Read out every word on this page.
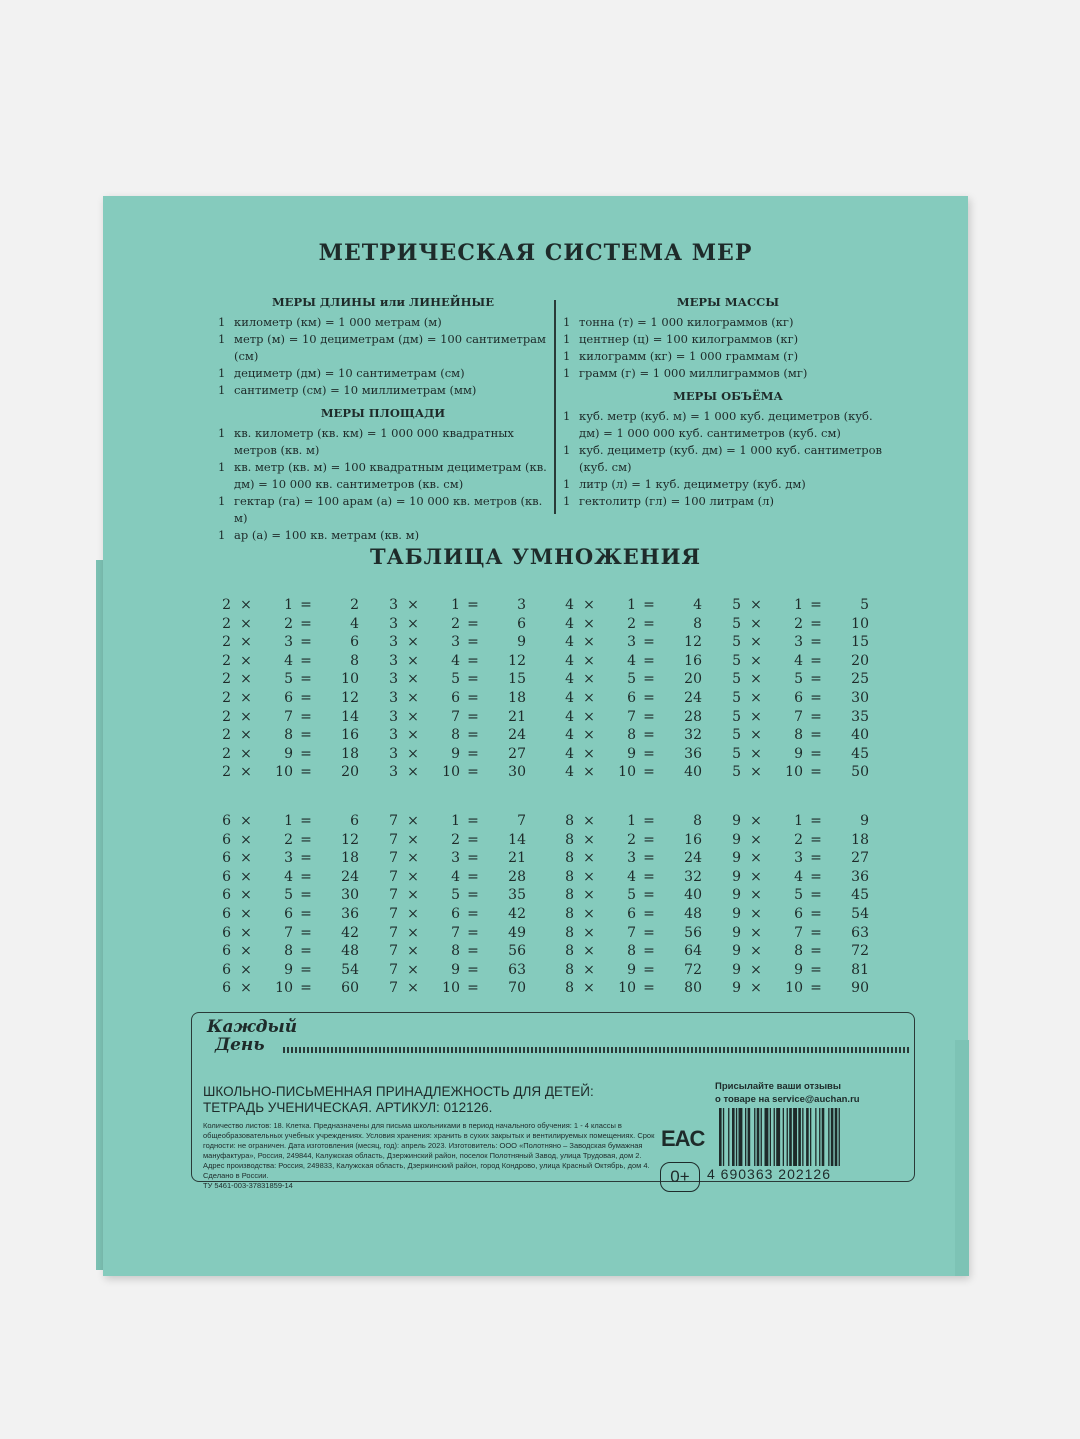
МЕТРИЧЕСКАЯ СИСТЕМА МЕР
МЕРЫ ДЛИНЫ или ЛИНЕЙНЫЕ
1 километр (км) = 1 000 метрам (м)
1 метр (м) = 10 дециметрам (дм) = 100 сантиметрам (см)
1 дециметр (дм) = 10 сантиметрам (см)
1 сантиметр (см) = 10 миллиметрам (мм)
МЕРЫ ПЛОЩАДИ
1 кв. километр (кв. км) = 1 000 000 квадратных метров (кв. м)
1 кв. метр (кв. м) = 100 квадратным дециметрам (кв. дм) = 10 000 кв. сантиметров (кв. см)
1 гектар (га) = 100 арам (а) = 10 000 кв. метров (кв. м)
1 ар (а) = 100 кв. метрам (кв. м)
МЕРЫ МАССЫ
1 тонна (т) = 1 000 килограммов (кг)
1 центнер (ц) = 100 килограммов (кг)
1 килограмм (кг) = 1 000 граммам (г)
1 грамм (г) = 1 000 миллиграммов (мг)
МЕРЫ ОБЪЁМА
1 куб. метр (куб. м) = 1 000 куб. дециметров (куб. дм) = 1 000 000 куб. сантиметров (куб. см)
1 куб. дециметр (куб. дм) = 1 000 куб. сантиметров (куб. см)
1 литр (л) = 1 куб. дециметру (куб. дм)
1 гектолитр (гл) = 100 литрам (л)
ТАБЛИЦА УМНОЖЕНИЯ
2 ×	1 =	2
2 ×	2 =	4
2 ×	3 =	6
2 ×	4 =	8
2 ×	5 =	10
2 ×	6 =	12
2 ×	7 =	14
2 ×	8 =	16
2 ×	9 =	18
2 ×	10 =	20
3 ×	1 =	3
3 ×	2 =	6
3 ×	3 =	9
3 ×	4 =	12
3 ×	5 =	15
3 ×	6 =	18
3 ×	7 =	21
3 ×	8 =	24
3 ×	9 =	27
3 ×	10 =	30
4 ×	1 =	4
4 ×	2 =	8
4 ×	3 =	12
4 ×	4 =	16
4 ×	5 =	20
4 ×	6 =	24
4 ×	7 =	28
4 ×	8 =	32
4 ×	9 =	36
4 ×	10 =	40
5 ×	1 =	5
5 ×	2 =	10
5 ×	3 =	15
5 ×	4 =	20
5 ×	5 =	25
5 ×	6 =	30
5 ×	7 =	35
5 ×	8 =	40
5 ×	9 =	45
5 ×	10 =	50
6 ×	1 =	6
6 ×	2 =	12
6 ×	3 =	18
6 ×	4 =	24
6 ×	5 =	30
6 ×	6 =	36
6 ×	7 =	42
6 ×	8 =	48
6 ×	9 =	54
6 ×	10 =	60
7 ×	1 =	7
7 ×	2 =	14
7 ×	3 =	21
7 ×	4 =	28
7 ×	5 =	35
7 ×	6 =	42
7 ×	7 =	49
7 ×	8 =	56
7 ×	9 =	63
7 ×	10 =	70
8 ×	1 =	8
8 ×	2 =	16
8 ×	3 =	24
8 ×	4 =	32
8 ×	5 =	40
8 ×	6 =	48
8 ×	7 =	56
8 ×	8 =	64
8 ×	9 =	72
8 ×	10 =	80
9 ×	1 =	9
9 ×	2 =	18
9 ×	3 =	27
9 ×	4 =	36
9 ×	5 =	45
9 ×	6 =	54
9 ×	7 =	63
9 ×	8 =	72
9 ×	9 =	81
9 ×	10 =	90
Каждый
День
ШКОЛЬНО-ПИСЬМЕННАЯ ПРИНАДЛЕЖНОСТЬ ДЛЯ ДЕТЕЙ:
ТЕТРАДЬ УЧЕНИЧЕСКАЯ. АРТИКУЛ: 012126.
Количество листов: 18. Клетка. Предназначены для письма школьниками в период начального обучения: 1 - 4 классы в общеобразовательных учебных учреждениях. Условия хранения: хранить в сухих закрытых и вентилируемых помещениях. Срок годности: не ограничен. Дата изготовления (месяц, год): апрель 2023. Изготовитель: ООО «Полотняно – Заводская бумажная мануфактура», Россия, 249844, Калужская область, Дзержинский район, поселок Полотняный Завод, улица Трудовая, дом 2. Адрес производства: Россия, 249833, Калужская область, Дзержинский район, город Кондрово, улица Красный Октябрь, дом 4. Сделано в России.
ТУ 5461-003-37831859-14
Присылайте ваши отзывы
о товаре на service@auchan.ru
EAC
0+	4 690363 202126
